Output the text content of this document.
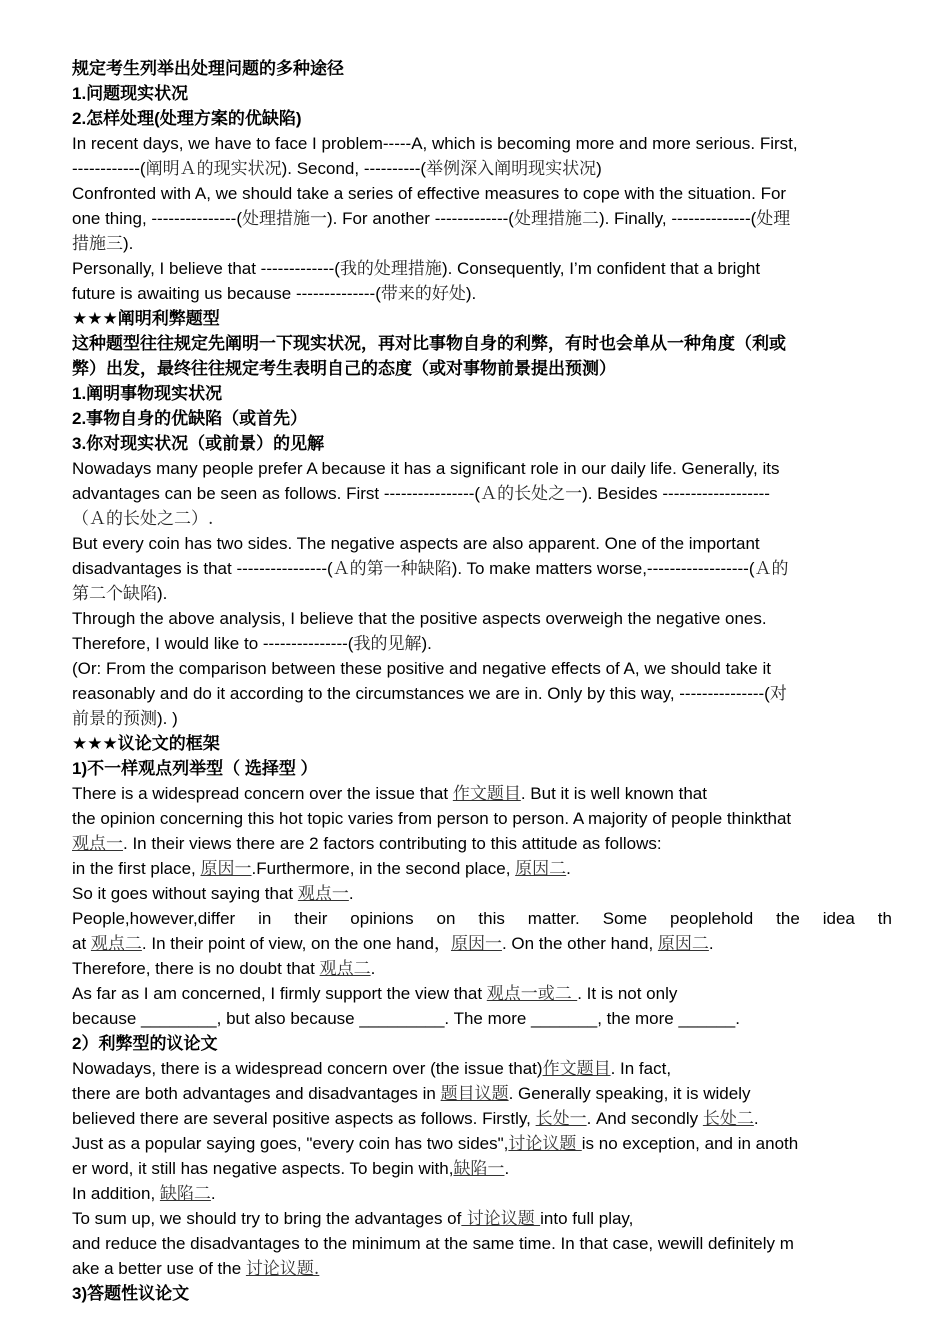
规定考生列举出处理问题的多种途径
1.问题现实状况
2.怎样处理(处理方案的优缺陷)
In recent days, we have to face I problem-----A, which is becoming more and more serious. First,
------------(阐明Ａ的现实状况). Second, ----------(举例深入阐明现实状况)
Confronted with A, we should take a series of effective measures to cope with the situation. For
one thing, ---------------(处理措施一). For another -------------(处理措施二). Finally, --------------(处理
措施三).
Personally, I believe that -------------(我的处理措施). Consequently, I’m confident that a bright
future is awaiting us because --------------(带来的好处).
★★★阐明利弊题型
这种题型往往规定先阐明一下现实状况，再对比事物自身的利弊，有时也会单从一种角度（利或
弊）出发，最终往往规定考生表明自己的态度（或对事物前景提出预测）
1.阐明事物现实状况
2.事物自身的优缺陷（或首先）
3.你对现实状况（或前景）的见解
Nowadays many people prefer A because it has a significant role in our daily life. Generally, its
advantages can be seen as follows. First ----------------(Ａ的长处之一). Besides -------------------
（Ａ的长处之二）.
But every coin has two sides. The negative aspects are also apparent. One of the important
disadvantages is that ----------------(Ａ的第一种缺陷). To make matters worse,------------------(Ａ的
第二个缺陷).
Through the above analysis, I believe that the positive aspects overweigh the negative ones.
Therefore, I would like to ---------------(我的见解).
(Or: From the comparison between these positive and negative effects of A, we should take it
reasonably and do it according to the circumstances we are in. Only by this way, ---------------(对
前景的预测). )
★★★议论文的框架
1)不一样观点列举型（ 选择型 ）
There is a widespread concern over the issue that 作文题目. But it is well known that
the opinion concerning this hot topic varies from person to person. A majority of people thinkthat
观点一. In their views there are 2 factors contributing to this attitude as follows:
in the first place, 原因一.Furthermore, in the second place, 原因二.
So it goes without saying that 观点一.
People,however,differ in their opinions on this matter. Some peoplehold the idea th
at 观点二. In their point of view, on the one hand，原因一. On the other hand, 原因二.
Therefore, there is no doubt that 观点二.
As far as I am concerned, I firmly support the view that 观点一或二 . It is not only
because ________, but also because _________. The more _______, the more ______.
2）利弊型的议论文
Nowadays, there is a widespread concern over (the issue that)作文题目. In fact,
there are both advantages and disadvantages in 题目议题. Generally speaking, it is widely
believed there are several positive aspects as follows. Firstly, 长处一. And secondly 长处二.
Just as a popular saying goes, "every coin has two sides",讨论议题 is no exception, and in anoth
er word, it still has negative aspects. To begin with,缺陷一.
In addition, 缺陷二.
To sum up, we should try to bring the advantages of 讨论议题 into full play,
and reduce the disadvantages to the minimum at the same time. In that case, wewill definitely m
ake a better use of the 讨论议题.
3)答题性议论文
